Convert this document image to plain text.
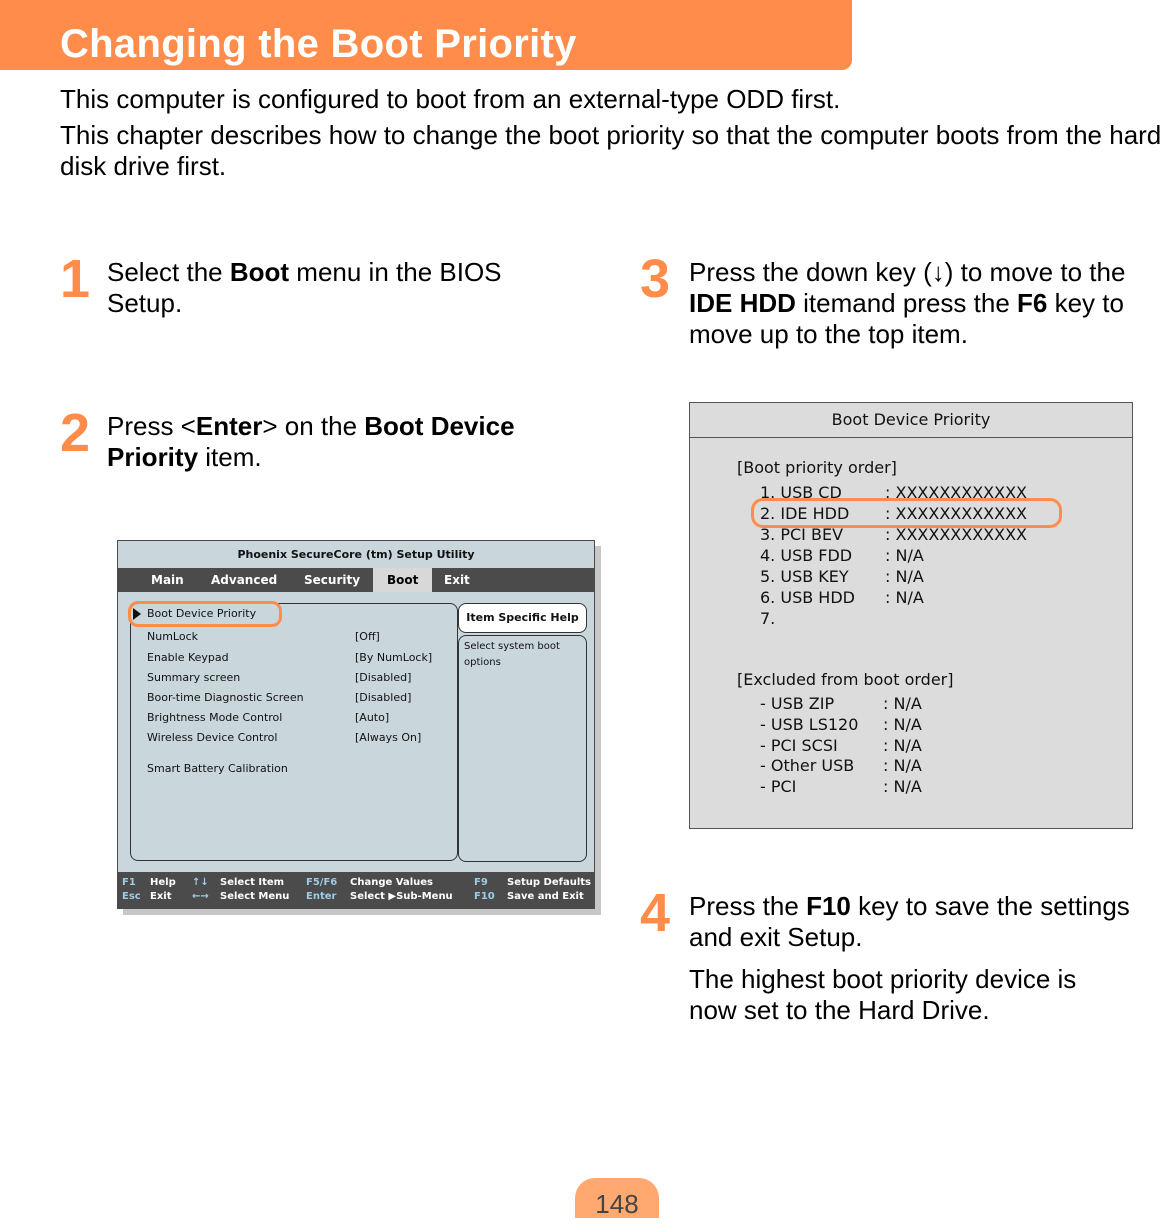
Changing the Boot Priority
This computer is configured to boot from an external-type ODD first.
This chapter describes how to change the boot priority so that the computer boots from the hard disk drive first.
1 Select the Boot menu in the BIOS Setup.
2 Press <Enter> on the Boot Device Priority item.
3 Press the down key (↓) to move to the IDE HDD itemand press the F6 key to move up to the top item.
4 Press the F10 key to save the settings and exit Setup.
The highest boot priority device is now set to the Hard Drive.
Phoenix SecureCore (tm) Setup Utility
Main Advanced Security	Boot	Exit
Item Specific Help
Select system boot options
Boot Device Priority
NumLock	[Off]
Enable Keypad	[By NumLock]
Summary screen	[Disabled]
Boor-time Diagnostic Screen	[Disabled]
Brightness Mode Control	[Auto]
Wireless Device Control	[Always On]
Smart Battery Calibration
F1 Help
Esc Exit
↑↓ Select Item
←→ Select Menu
F5/F6 Change Values
Enter Select ▶Sub-Menu
F9 Setup Defaults
F10 Save and Exit
Boot Device Priority
[Boot priority order]
1. USB CD	: XXXXXXXXXXXX
2. IDE HDD : XXXXXXXXXXXX
3. PCI BEV	: XXXXXXXXXXXX
4. USB FDD : N/A
5. USB KEY : N/A
6. USB HDD : N/A
7.
[Excluded from boot order]
- USB ZIP	: N/A
- USB LS120 : N/A
- PCI SCSI	: N/A
- Other USB : N/A
- PCI	: N/A
148
